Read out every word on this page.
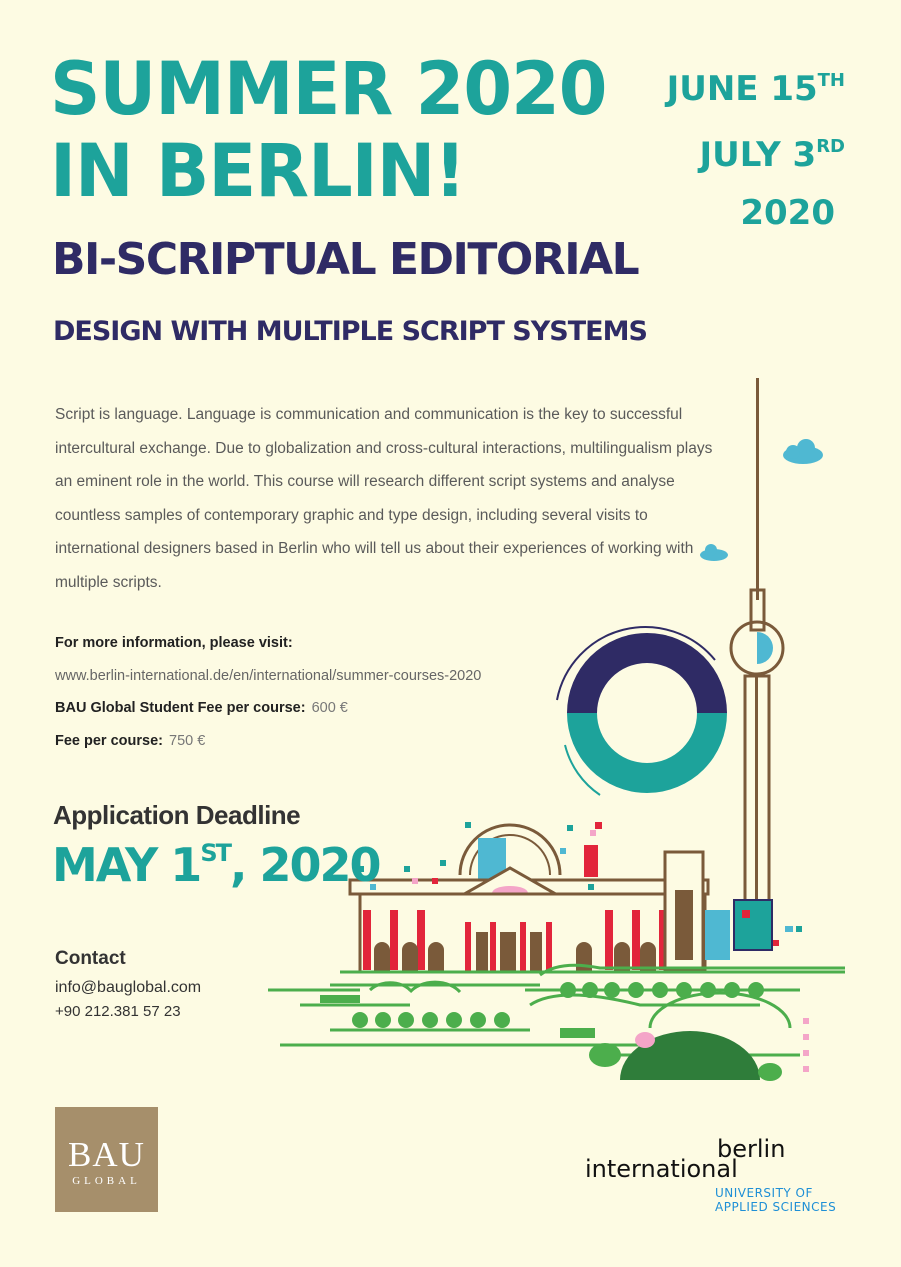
SUMMER 2020
IN BERLIN!
JUNE 15TH
JULY 3RD
2020
BI-SCRIPTUAL EDITORIAL
DESIGN WITH MULTIPLE SCRIPT SYSTEMS
Script is language. Language is communication and communication is the key to successful intercultural exchange. Due to globalization and cross-cultural interactions, multilingualism plays an eminent role in the world. This course will research different script systems and analyse countless samples of contemporary graphic and type design, including several visits to international designers based in Berlin who will tell us about their experiences of working with multiple scripts.
For more information, please visit:
www.berlin-international.de/en/international/summer-courses-2020
BAU Global Student Fee per course: 600 €
Fee per course: 750 €
Application Deadline
MAY 1ST, 2020
Contact
info@bauglobal.com
+90 212.381 57 23
BAU
GLOBAL
berlin
international
UNIVERSITY OF
APPLIED SCIENCES
